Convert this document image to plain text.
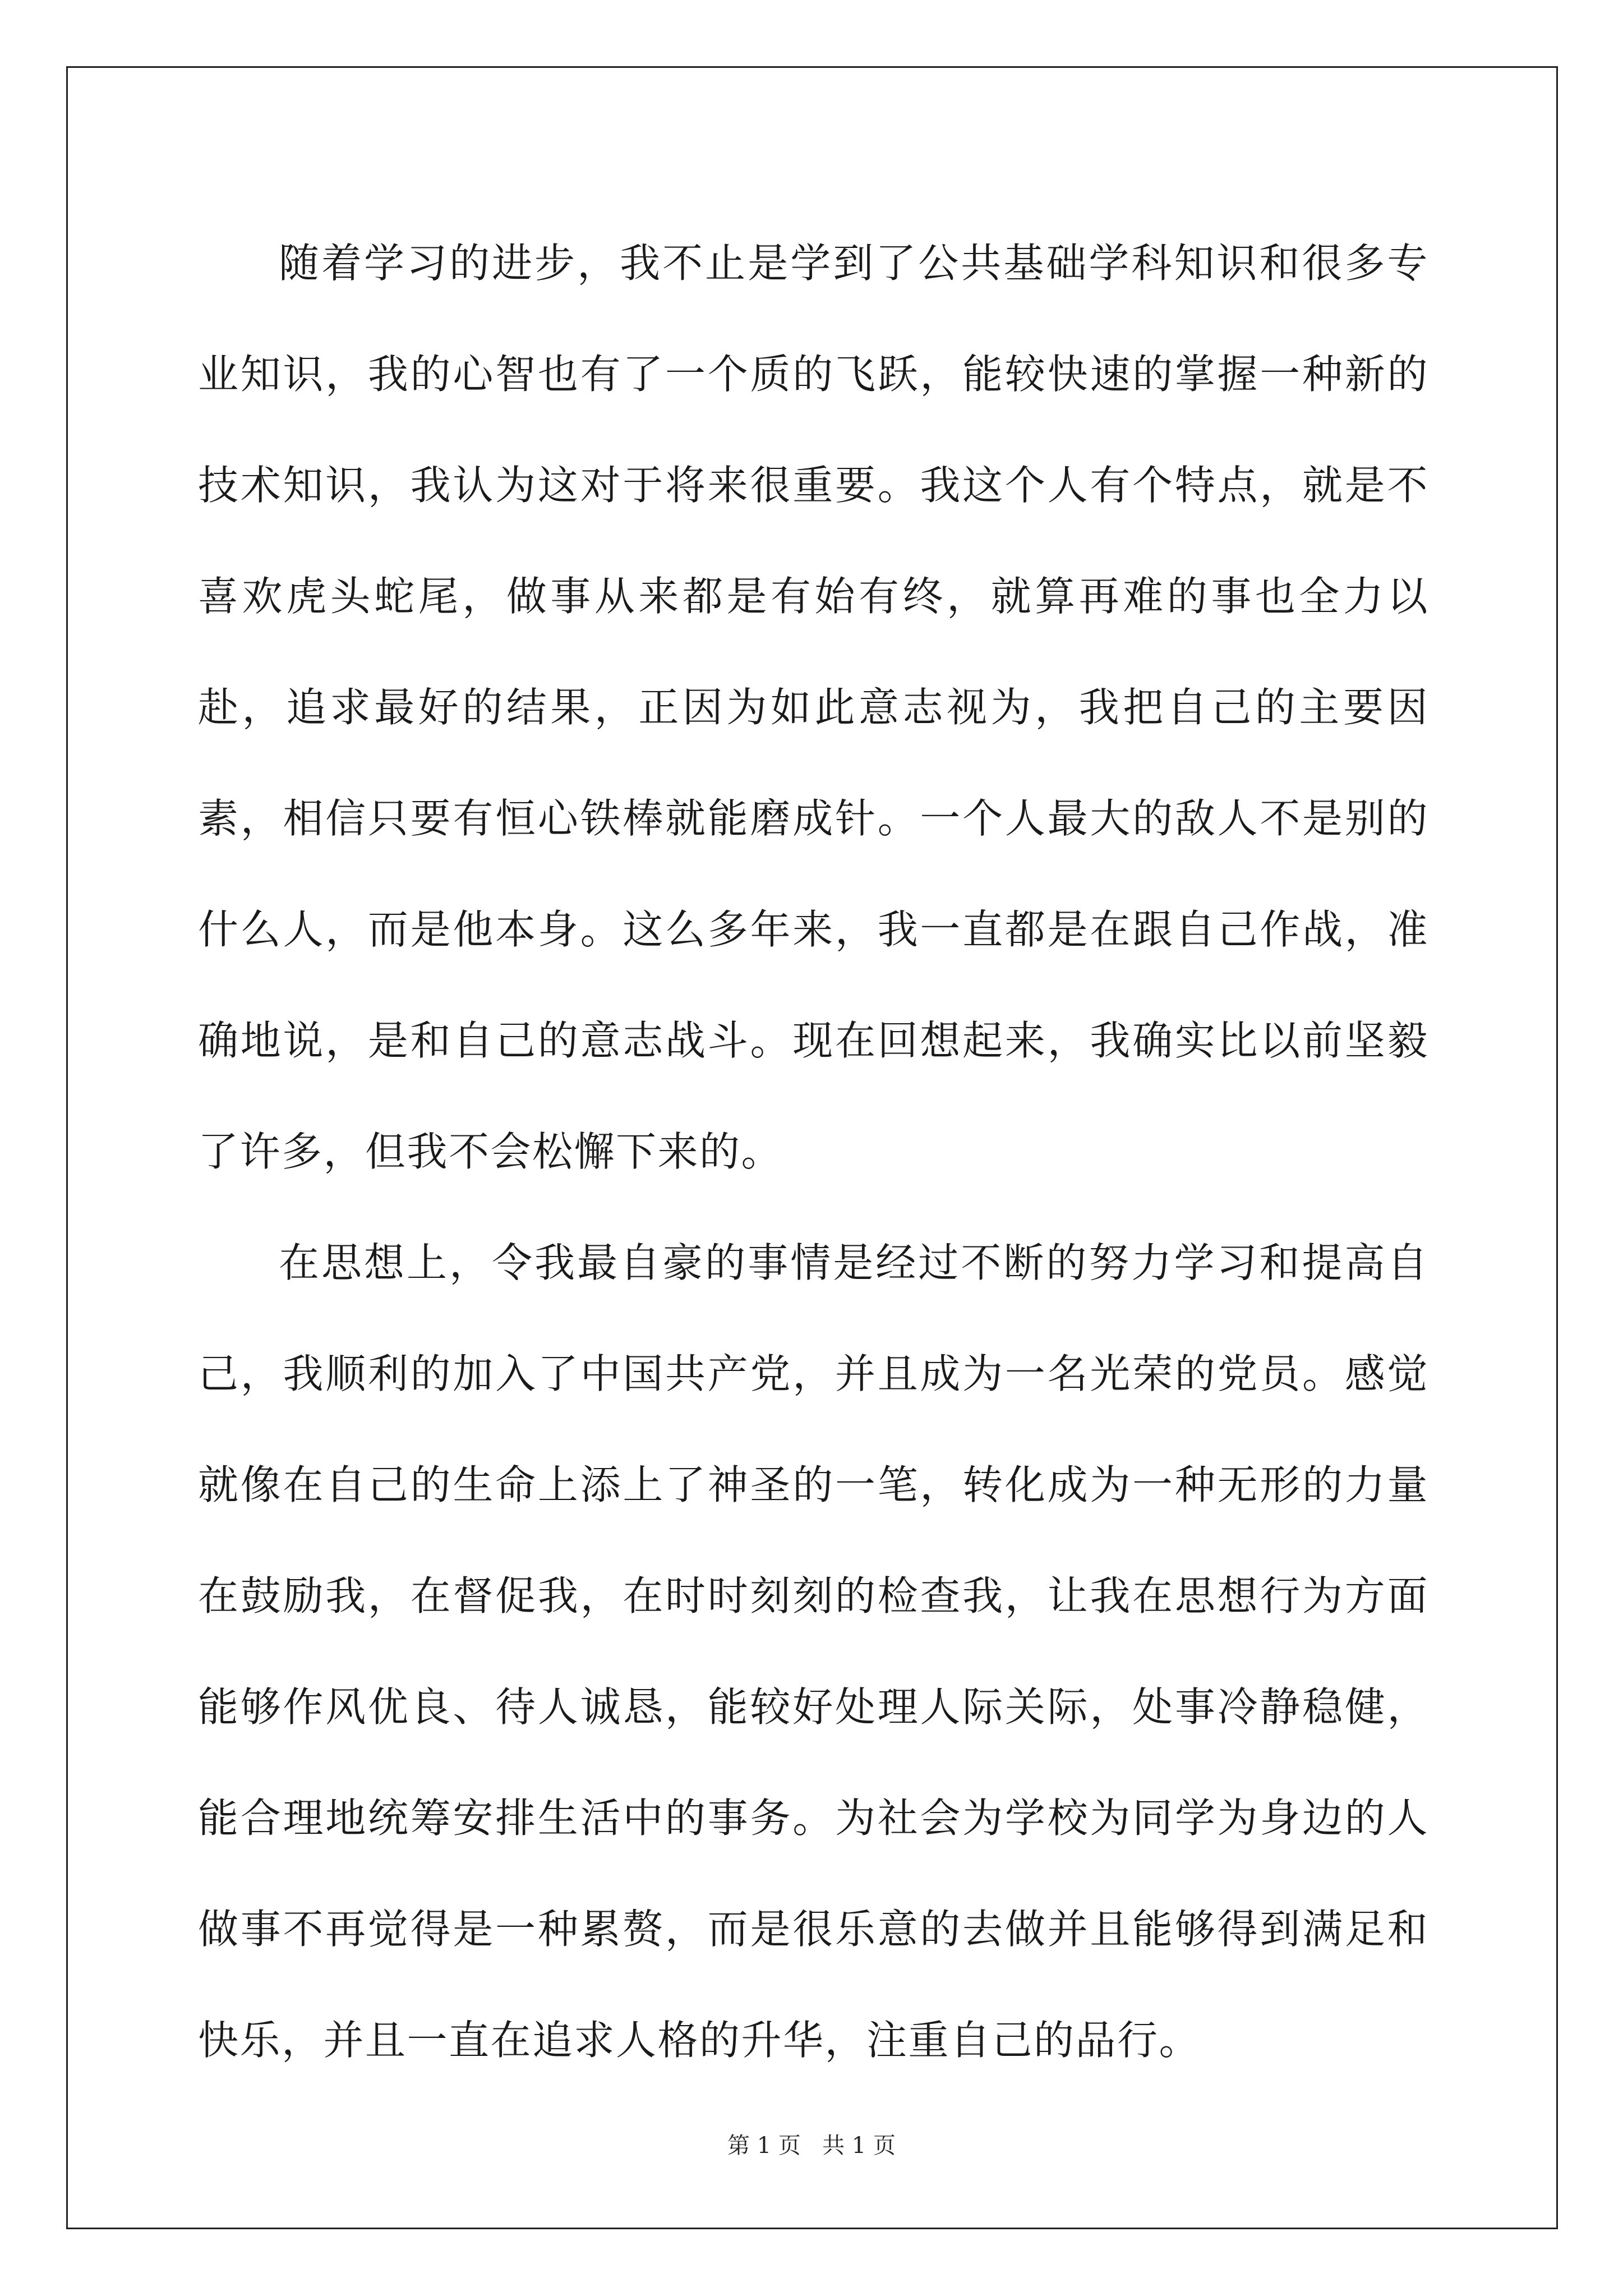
随着学习的进步，我不止是学到了公共基础学科知识和很多专业知识，我的心智也有了一个质的飞跃，能较快速的掌握一种新的技术知识，我认为这对于将来很重要。我这个人有个特点，就是不喜欢虎头蛇尾，做事从来都是有始有终，就算再难的事也全力以赴，追求最好的结果，正因为如此意志视为，我把自己的主要因素，相信只要有恒心铁棒就能磨成针。一个人最大的敌人不是别的什么人，而是他本身。这么多年来，我一直都是在跟自己作战，准确地说，是和自己的意志战斗。现在回想起来，我确实比以前坚毅了许多，但我不会松懈下来的。

在思想上，令我最自豪的事情是经过不断的努力学习和提高自己，我顺利的加入了中国共产党，并且成为一名光荣的党员。感觉就像在自己的生命上添上了神圣的一笔，转化成为一种无形的力量在鼓励我，在督促我，在时时刻刻的检查我，让我在思想行为方面能够作风优良、待人诚恳，能较好处理人际关际，处事冷静稳健，能合理地统筹安排生活中的事务。为社会为学校为同学为身边的人做事不再觉得是一种累赘，而是很乐意的去做并且能够得到满足和快乐，并且一直在追求人格的升华，注重自己的品行。

第 1 页 共 1 页
